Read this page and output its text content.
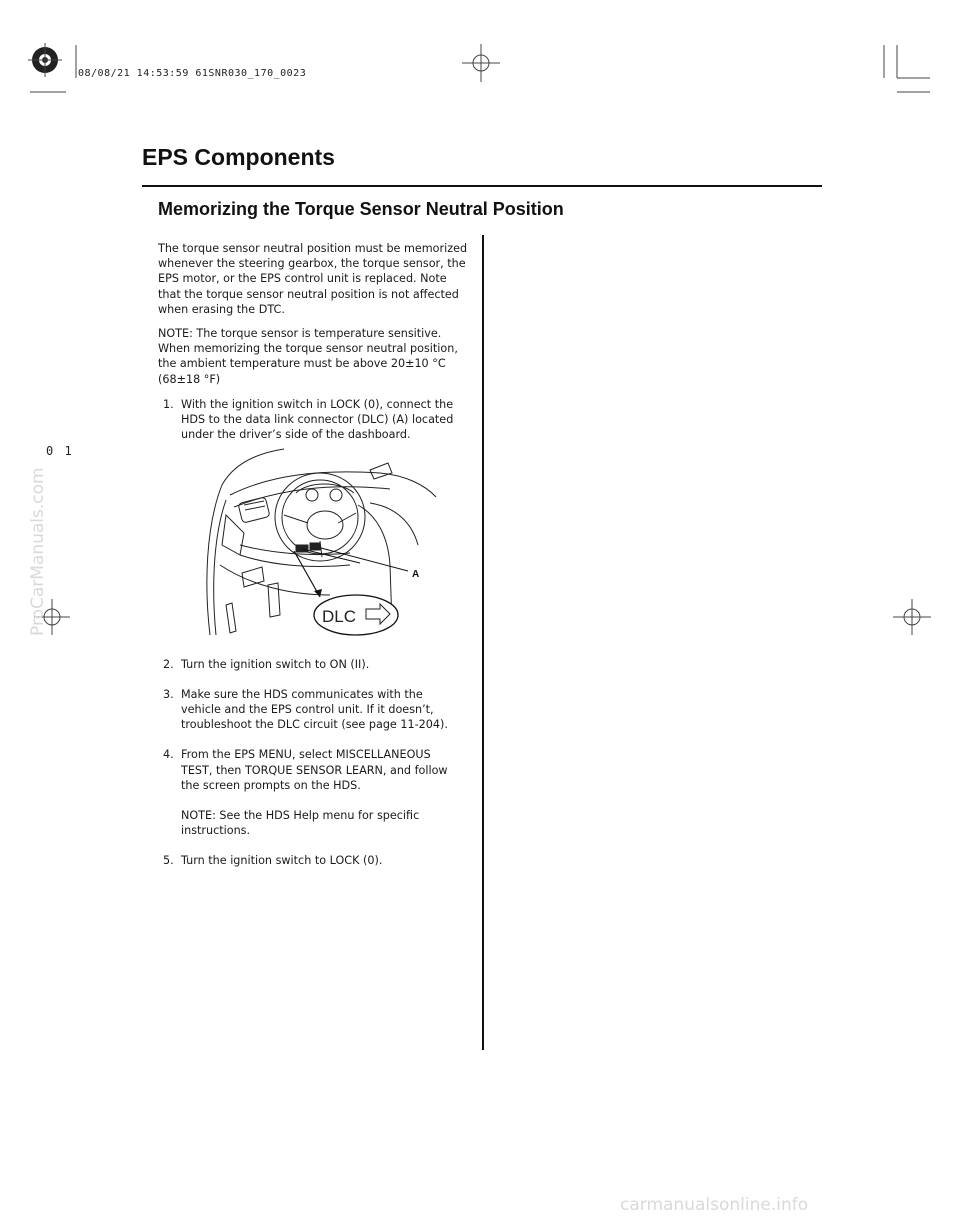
08/08/21 14:53:59 61SNR030_170_0023
0 1
EPS Components
Memorizing the Torque Sensor Neutral Position
The torque sensor neutral position must be memorized whenever the steering gearbox, the torque sensor, the EPS motor, or the EPS control unit is replaced. Note that the torque sensor neutral position is not affected when erasing the DTC.
NOTE: The torque sensor is temperature sensitive. When memorizing the torque sensor neutral position, the ambient temperature must be above 20±10 °C (68±18 °F)
1. With the ignition switch in LOCK (0), connect the HDS to the data link connector (DLC) (A) located under the driver’s side of the dashboard.
2. Turn the ignition switch to ON (II).
3. Make sure the HDS communicates with the vehicle and the EPS control unit. If it doesn’t, troubleshoot the DLC circuit (see page 11-204).
4. From the EPS MENU, select MISCELLANEOUS TEST, then TORQUE SENSOR LEARN, and follow the screen prompts on the HDS.
NOTE: See the HDS Help menu for specific instructions.
5. Turn the ignition switch to LOCK (0).
A
DLC
ProCarManuals.com
carmanualsonline.info
